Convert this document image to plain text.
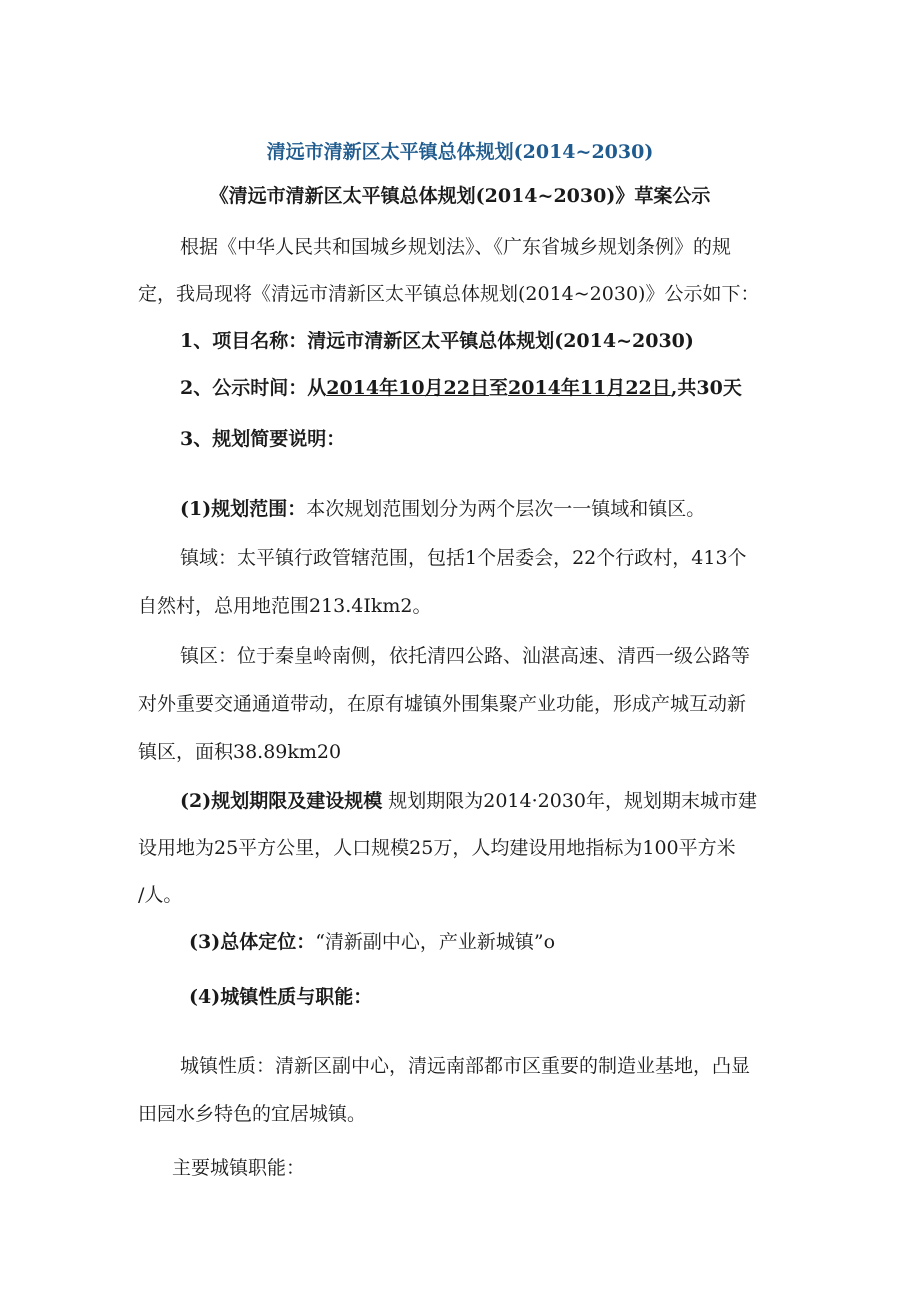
清远市清新区太平镇总体规划(2014~2030)
《清远市清新区太平镇总体规划(2014~2030)》草案公示
根据《中华人民共和国城乡规划法》、《广东省城乡规划条例》的规
定，我局现将《清远市清新区太平镇总体规划(2014~2030)》公示如下：
1、项目名称：清远市清新区太平镇总体规划(2014~2030)
2、公示时间：从2014年10月22日至2014年11月22日,共30天
3、规划简要说明：
(1)规划范围：本次规划范围划分为两个层次一一镇域和镇区。
镇域：太平镇行政管辖范围，包括1个居委会，22个行政村，413个
自然村，总用地范围213.4Ikm2。
镇区：位于秦皇岭南侧，依托清四公路、汕湛高速、清西一级公路等
对外重要交通通道带动，在原有墟镇外围集聚产业功能，形成产城互动新
镇区，面积38.89km20
(2)规划期限及建设规模 规划期限为2014·2030年，规划期末城市建
设用地为25平方公里，人口规模25万，人均建设用地指标为100平方米
/人。
(3)总体定位：“清新副中心，产业新城镇”o
(4)城镇性质与职能：
城镇性质：清新区副中心，清远南部都市区重要的制造业基地，凸显
田园水乡特色的宜居城镇。
主要城镇职能：
